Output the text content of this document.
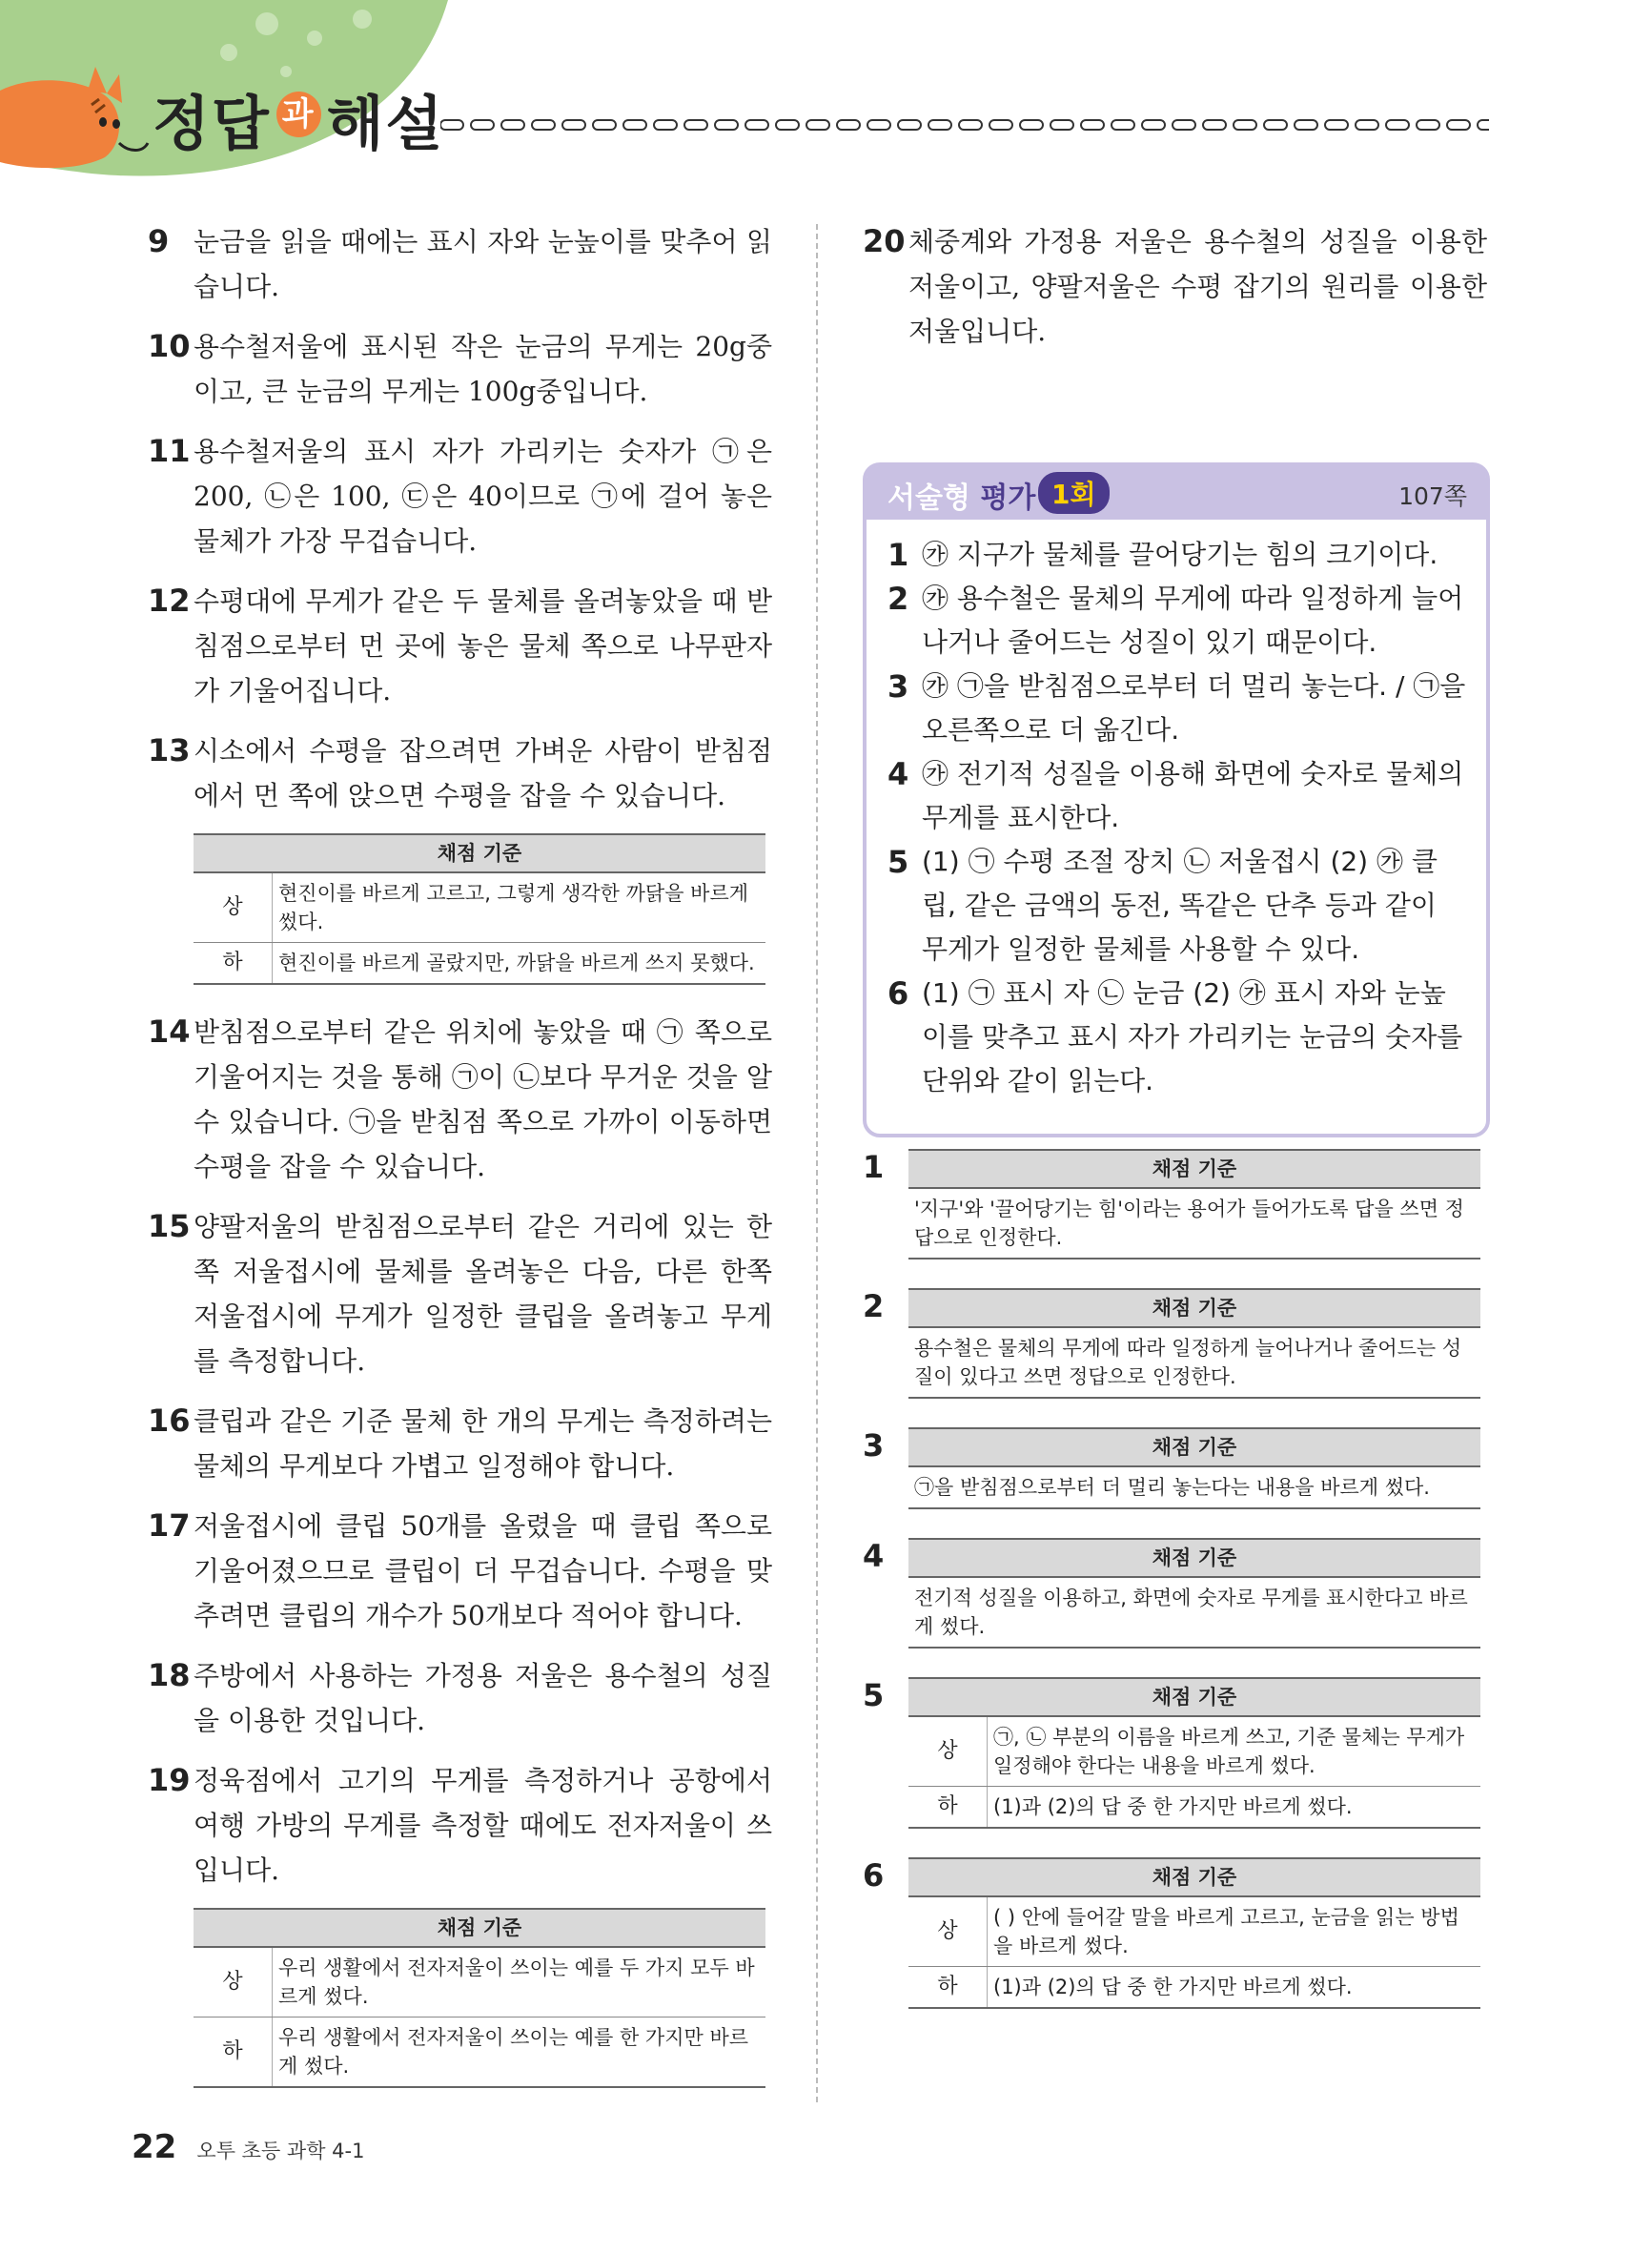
정답 $^과$ 해설
9 눈금을 읽을 때에는 표시 자와 눈높이를 맞추어 읽습니다.
10 용수철저울에 표시된 작은 눈금의 무게는 20g중이고, 큰 눈금의 무게는 100g중입니다.
11 용수철저울의 표시 자가 가리키는 숫자가 ㉠은 200, ㉡은 100, ㉢은 40이므로 ㉠에 걸어 놓은 물체가 가장 무겁습니다.
12 수평대에 무게가 같은 두 물체를 올려놓았을 때 받침점으로부터 먼 곳에 놓은 물체 쪽으로 나무판자가 기울어집니다.
13 시소에서 수평을 잡으려면 가벼운 사람이 받침점에서 먼 쪽에 앉으면 수평을 잡을 수 있습니다.
채점 기준	
상	현진이를 바르게 고르고, 그렇게 생각한 까닭을 바르게 썼다.
하	현진이를 바르게 골랐지만, 까닭을 바르게 쓰지 못했다.
14 받침점으로부터 같은 위치에 놓았을 때 ㉠ 쪽으로 기울어지는 것을 통해 ㉠이 ㉡보다 무거운 것을 알 수 있습니다. ㉠을 받침점 쪽으로 가까이 이동하면 수평을 잡을 수 있습니다.
15 양팔저울의 받침점으로부터 같은 거리에 있는 한쪽 저울접시에 물체를 올려놓은 다음, 다른 한쪽 저울접시에 무게가 일정한 클립을 올려놓고 무게를 측정합니다.
16 클립과 같은 기준 물체 한 개의 무게는 측정하려는 물체의 무게보다 가볍고 일정해야 합니다.
17 저울접시에 클립 50개를 올렸을 때 클립 쪽으로 기울어졌으므로 클립이 더 무겁습니다. 수평을 맞추려면 클립의 개수가 50개보다 적어야 합니다.
18 주방에서 사용하는 가정용 저울은 용수철의 성질을 이용한 것입니다.
19 정육점에서 고기의 무게를 측정하거나 공항에서 여행 가방의 무게를 측정할 때에도 전자저울이 쓰입니다.
채점 기준	
상	우리 생활에서 전자저울이 쓰이는 예를 두 가지 모두 바르게 썼다.
하	우리 생활에서 전자저울이 쓰이는 예를 한 가지만 바르게 썼다.
20 체중계와 가정용 저울은 용수철의 성질을 이용한 저울이고, 양팔저울은 수평 잡기의 원리를 이용한 저울입니다.
서술형 평가 1회	107쪽
1 ㉮ 지구가 물체를 끌어당기는 힘의 크기이다.
2 ㉮ 용수철은 물체의 무게에 따라 일정하게 늘어나거나 줄어드는 성질이 있기 때문이다.
3 ㉮ ㉠을 받침점으로부터 더 멀리 놓는다. / ㉠을 오른쪽으로 더 옮긴다.
4 ㉮ 전기적 성질을 이용해 화면에 숫자로 물체의 무게를 표시한다.
5 (1) ㉠ 수평 조절 장치 ㉡ 저울접시 (2) ㉮ 클립, 같은 금액의 동전, 똑같은 단추 등과 같이 무게가 일정한 물체를 사용할 수 있다.
6 (1) ㉠ 표시 자 ㉡ 눈금 (2) ㉮ 표시 자와 눈높이를 맞추고 표시 자가 가리키는 눈금의 숫자를 단위와 같이 읽는다.
1	채점 기준
'지구'와 '끌어당기는 힘'이라는 용어가 들어가도록 답을 쓰면 정답으로 인정한다.
2	채점 기준
용수철은 물체의 무게에 따라 일정하게 늘어나거나 줄어드는 성질이 있다고 쓰면 정답으로 인정한다.
3	채점 기준
㉠을 받침점으로부터 더 멀리 놓는다는 내용을 바르게 썼다.
4	채점 기준
전기적 성질을 이용하고, 화면에 숫자로 무게를 표시한다고 바르게 썼다.
5	채점 기준	
상	㉠, ㉡ 부분의 이름을 바르게 쓰고, 기준 물체는 무게가 일정해야 한다는 내용을 바르게 썼다.
하	(1)과 (2)의 답 중 한 가지만 바르게 썼다.
6	채점 기준	
상	( ) 안에 들어갈 말을 바르게 고르고, 눈금을 읽는 방법을 바르게 썼다.
하	(1)과 (2)의 답 중 한 가지만 바르게 썼다.
22 오투 초등 과학 4-1
